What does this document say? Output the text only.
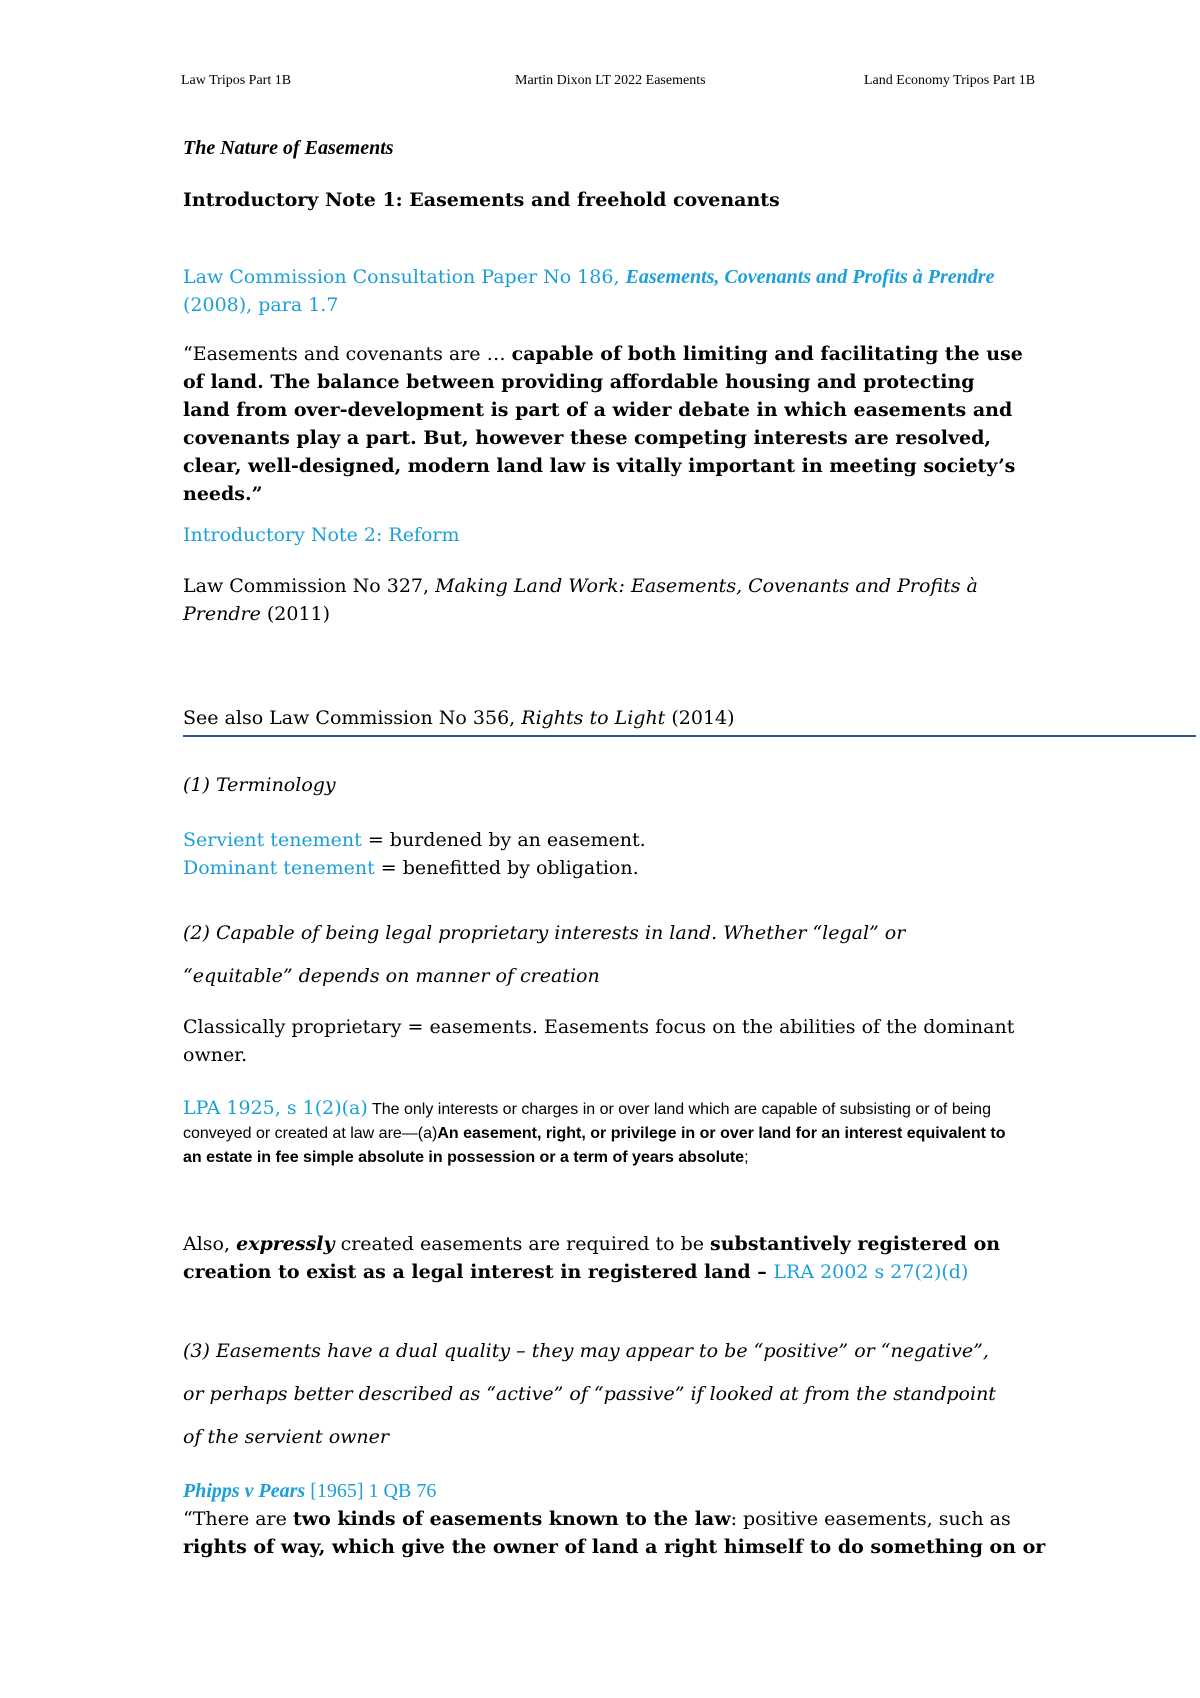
Law Tripos Part 1B	Martin Dixon LT 2022 Easements	Land Economy Tripos Part 1B
The Nature of Easements
Introductory Note 1: Easements and freehold covenants
Law Commission Consultation Paper No 186, Easements, Covenants and Profits à Prendre (2008), para 1.7
“Easements and covenants are … capable of both limiting and facilitating the use of land. The balance between providing affordable housing and protecting land from over-development is part of a wider debate in which easements and covenants play a part. But, however these competing interests are resolved, clear, well-designed, modern land law is vitally important in meeting society’s needs.”
Introductory Note 2: Reform
Law Commission No 327, Making Land Work: Easements, Covenants and Profits à Prendre (2011)
See also Law Commission No 356, Rights to Light (2014)
(1) Terminology
Servient tenement = burdened by an easement.
Dominant tenement = benefitted by obligation.
(2) Capable of being legal proprietary interests in land. Whether “legal” or
“equitable” depends on manner of creation
Classically proprietary = easements. Easements focus on the abilities of the dominant owner.
LPA 1925, s 1(2)(a) The only interests or charges in or over land which are capable of subsisting or of being conveyed or created at law are—(a)An easement, right, or privilege in or over land for an interest equivalent to an estate in fee simple absolute in possession or a term of years absolute;
Also, expressly created easements are required to be substantively registered on creation to exist as a legal interest in registered land – LRA 2002 s 27(2)(d)
(3) Easements have a dual quality – they may appear to be “positive” or “negative”,
or perhaps better described as “active” of “passive” if looked at from the standpoint
of the servient owner
Phipps v Pears [1965] 1 QB 76
“There are two kinds of easements known to the law: positive easements, such as
rights of way, which give the owner of land a right himself to do something on or
